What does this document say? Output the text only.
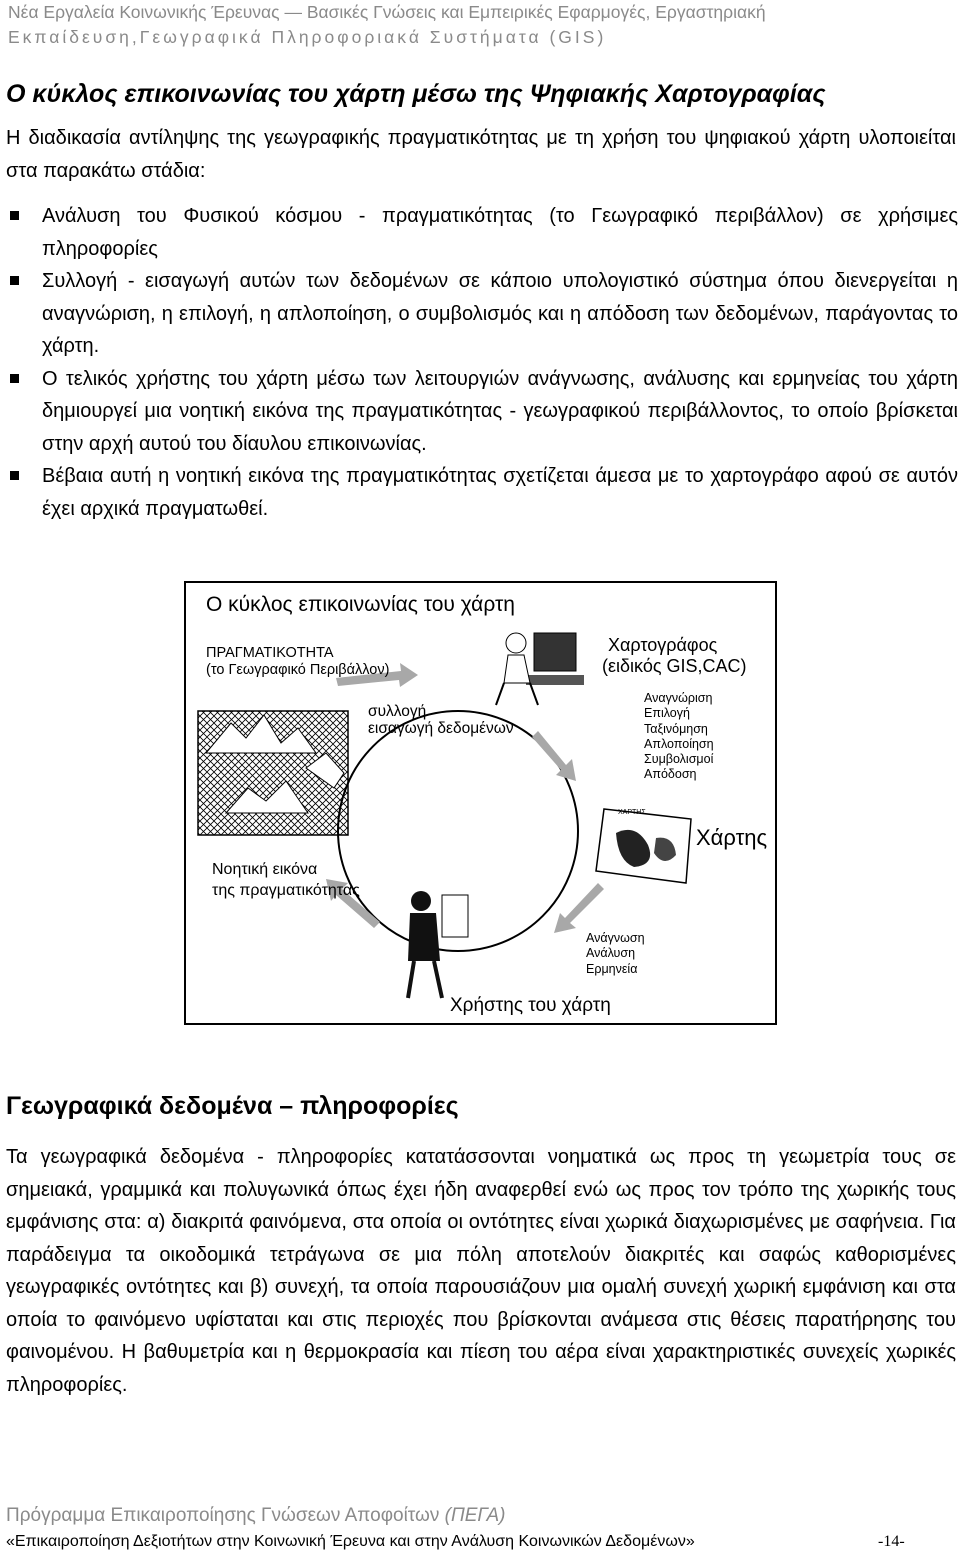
Νέα Εργαλεία Κοινωνικής Έρευνας — Βασικές Γνώσεις και Εμπειρικές Εφαρμογές, Εργαστηριακή
Εκπαίδευση,Γεωγραφικά Πληροφοριακά Συστήματα (GIS)
Ο κύκλος επικοινωνίας του χάρτη μέσω της Ψηφιακής Χαρτογραφίας
Η διαδικασία αντίληψης της γεωγραφικής πραγματικότητας με τη χρήση του ψηφιακού χάρτη υλοποιείται στα παρακάτω στάδια:
Ανάλυση του Φυσικού κόσμου - πραγματικότητας (το Γεωγραφικό περιβάλλον) σε χρήσιμες πληροφορίες
Συλλογή - εισαγωγή αυτών των δεδομένων σε κάποιο υπολογιστικό σύστημα όπου διενεργείται η αναγνώριση, η επιλογή, η απλοποίηση, ο συμβολισμός και η απόδοση των δεδομένων, παράγοντας το χάρτη.
Ο τελικός χρήστης του χάρτη μέσω των λειτουργιών ανάγνωσης, ανάλυσης και ερμηνείας του χάρτη δημιουργεί μια νοητική εικόνα της πραγματικότητας - γεωγραφικού περιβάλλοντος, το οποίο βρίσκεται στην αρχή αυτού του δίαυλου επικοινωνίας.
Βέβαια αυτή η νοητική εικόνα της πραγματικότητας σχετίζεται άμεσα με το χαρτογράφο αφού σε αυτόν έχει αρχικά πραγματωθεί.
Ο κύκλος επικοινωνίας του χάρτη
ΠΡΑΓΜΑΤΙΚΟΤΗΤΑ
(το Γεωγραφικό Περιβάλλον)
συλλογή
εισαγωγή δεδομένων
Χαρτογράφος
(ειδικός GIS,CAC)
Αναγνώριση
Επιλογή
Ταξινόμηση
Απλοποίηση
Συμβολισμοί
Απόδοση
ΧΑΡΤΗΣ
Χάρτης
Νοητική εικόνα
της πραγματικότητας
Ανάγνωση
Ανάλυση
Ερμηνεία
Χρήστης του χάρτη
Γεωγραφικά δεδομένα – πληροφορίες
Τα γεωγραφικά δεδομένα - πληροφορίες κατατάσσονται νοηματικά ως προς τη γεωμετρία τους σε σημειακά, γραμμικά και πολυγωνικά όπως έχει ήδη αναφερθεί ενώ ως προς τον τρόπο της χωρικής τους εμφάνισης στα: α) διακριτά φαινόμενα, στα οποία οι οντότητες είναι χωρικά διαχωρισμένες με σαφήνεια. Για παράδειγμα τα οικοδομικά τετράγωνα σε μια πόλη αποτελούν διακριτές και σαφώς καθορισμένες γεωγραφικές οντότητες και β) συνεχή, τα οποία παρουσιάζουν μια ομαλή συνεχή χωρική εμφάνιση και στα οποία το φαινόμενο υφίσταται και στις περιοχές που βρίσκονται ανάμεσα στις θέσεις παρατήρησης του φαινομένου. Η βαθυμετρία και η θερμοκρασία και πίεση του αέρα είναι χαρακτηριστικές συνεχείς χωρικές πληροφορίες.
Πρόγραμμα Επικαιροποίησης Γνώσεων Αποφοίτων (ΠΕΓΑ)
«Επικαιροποίηση Δεξιοτήτων στην Κοινωνική Έρευνα και στην Ανάλυση Κοινωνικών Δεδομένων»	-14-
